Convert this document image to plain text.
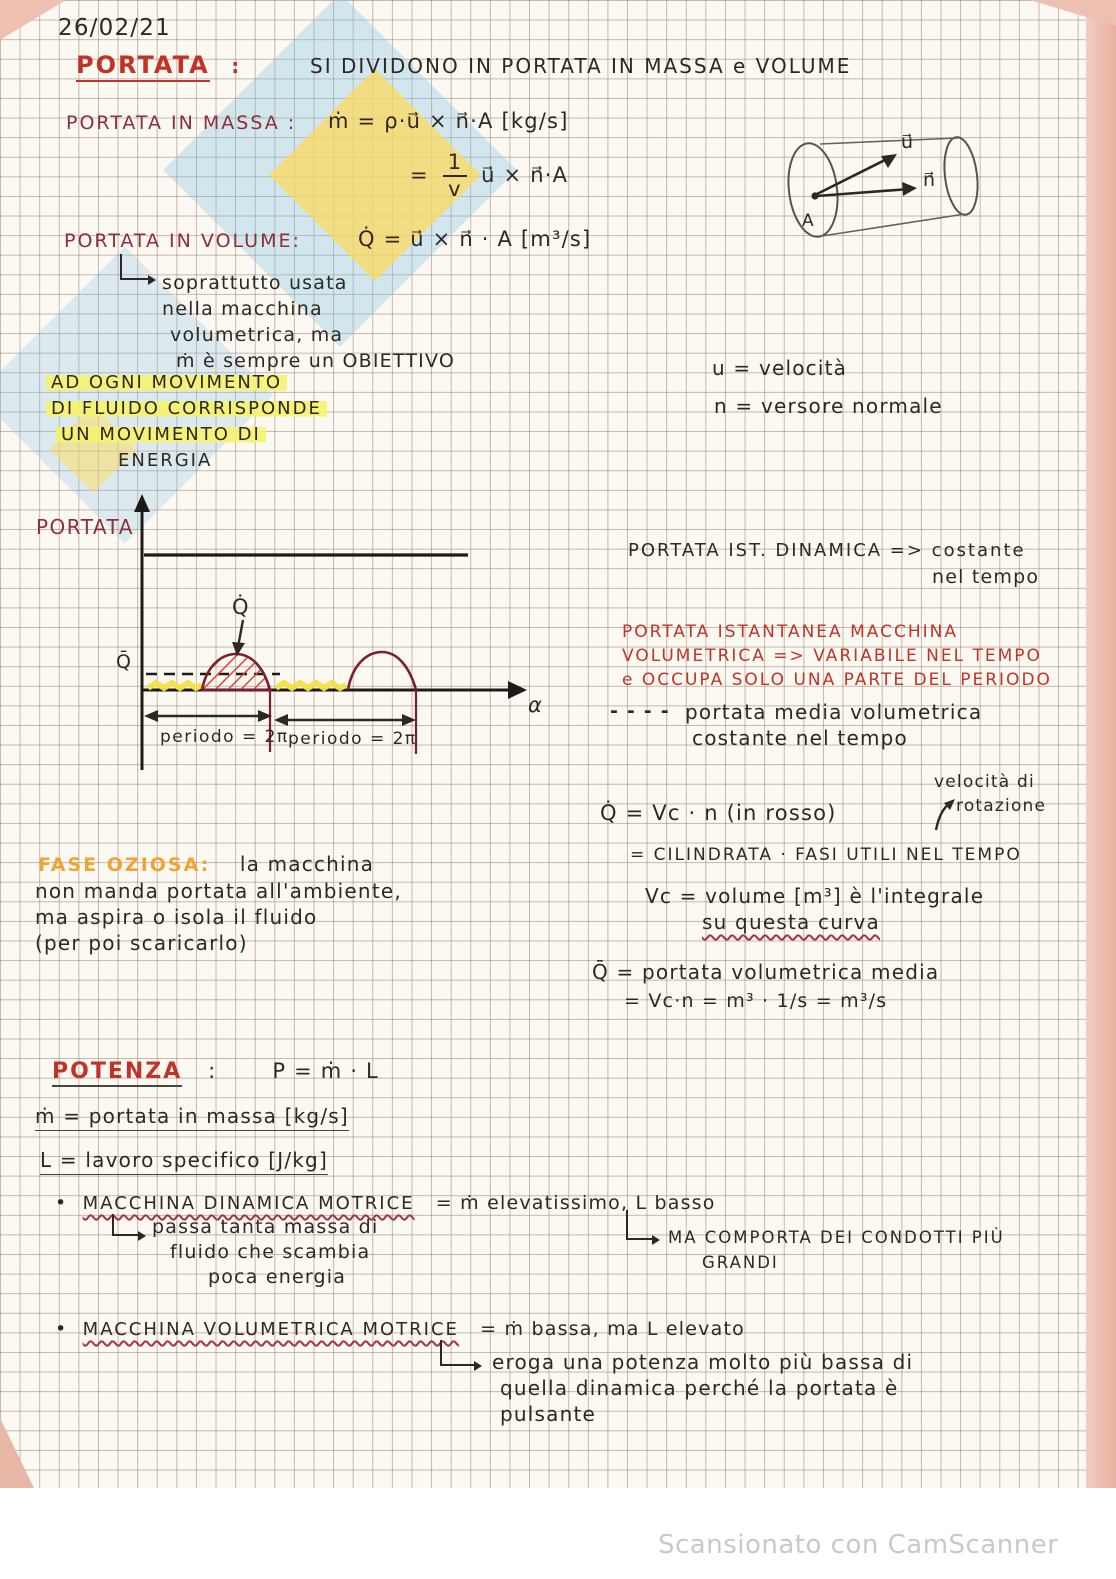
26/02/21
PORTATA :	SI DIVIDONO IN PORTATA IN MASSA e VOLUME
PORTATA IN MASSA : ṁ = ρ·u⃗ × n⃗·A [kg/s]
= $\frac{1}{v}$ u⃗ × n⃗·A
u⃗
n⃗
A
PORTATA IN VOLUME:	Q̇ = u⃗ × n⃗ · A [m³/s]
soprattutto usata
nella macchina
volumetrica, ma
ṁ è sempre un OBIETTIVO
AD OGNI MOVIMENTO
DI FLUIDO CORRISPONDE
UN MOVIMENTO DI
ENERGIA
u = velocità
n = versore normale
PORTATA
α
Q̄
Q̇
periodo = 2π periodo = 2π
PORTATA IST. DINAMICA => costante
nel tempo
PORTATA ISTANTANEA MACCHINA
VOLUMETRICA => VARIABILE NEL TEMPO
e OCCUPA SOLO UNA PARTE DEL PERIODO
- - - - portata media volumetrica
costante nel tempo
velocità di
rotazione
Q̇ = Vc · n (in rosso)
= CILINDRATA · FASI UTILI NEL TEMPO
Vc = volume [m³] è l'integrale
su questa curva
Q̄ = portata volumetrica media
= Vc·n = m³ · 1/s = m³/s
FASE OZIOSA: la macchina
non manda portata all'ambiente,
ma aspira o isola il fluido
(per poi scaricarlo)
POTENZA :	P = ṁ · L
ṁ = portata in massa [kg/s]
L = lavoro specifico [J/kg]
• MACCHINA DINAMICA MOTRICE = ṁ elevatissimo, L basso
passa tanta massa di
fluido che scambia
poca energia
MA COMPORTA DEI CONDOTTI PIÙ
GRANDI
• MACCHINA VOLUMETRICA MOTRICE = ṁ bassa, ma L elevato
eroga una potenza molto più bassa di
quella dinamica perché la portata è
pulsante
Scansionato con CamScanner
